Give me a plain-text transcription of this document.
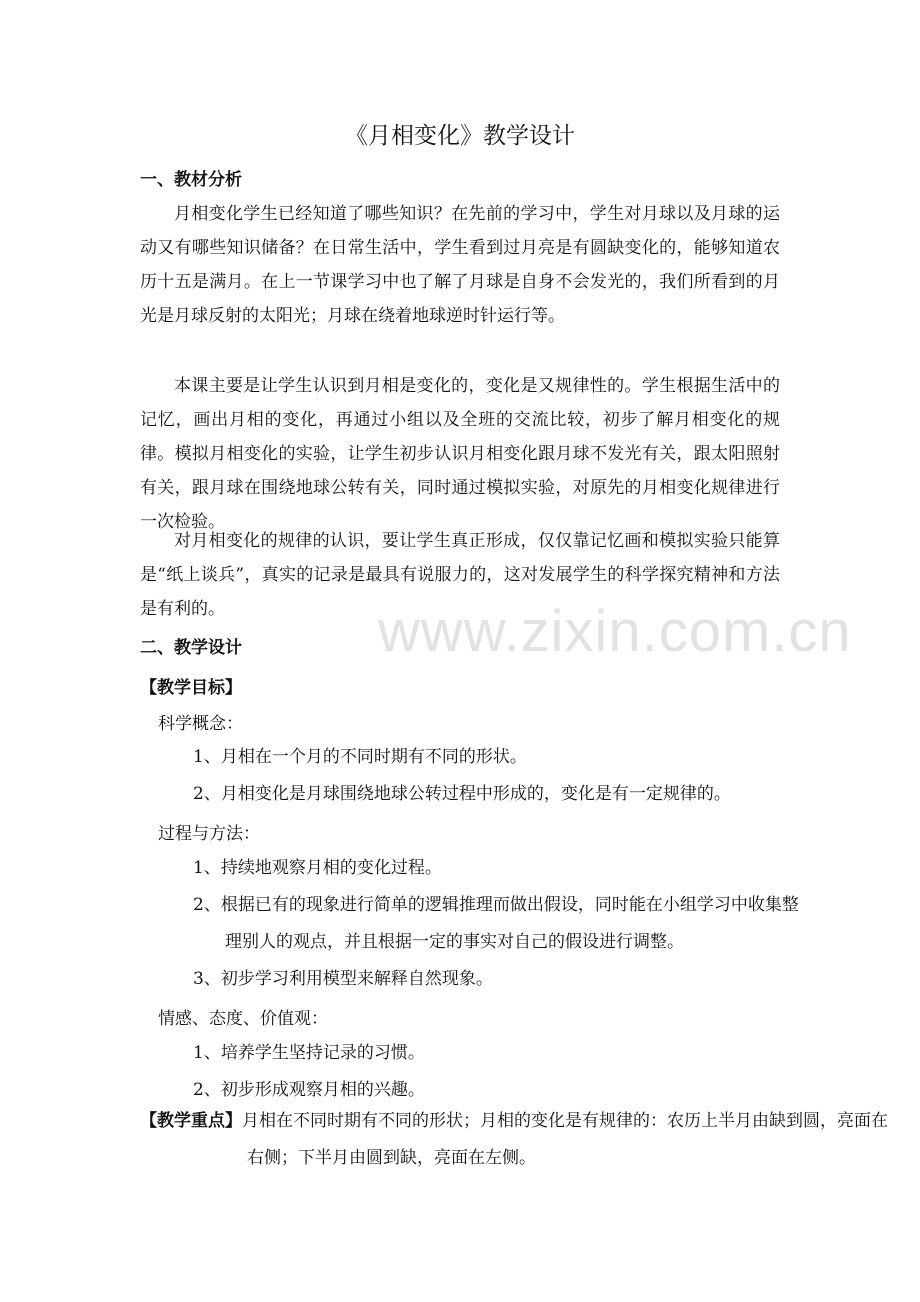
《月相变化》教学设计
一、教材分析

月相变化学生已经知道了哪些知识？在先前的学习中，学生对月球以及月球的运动又有哪些知识储备？在日常生活中，学生看到过月亮是有圆缺变化的，能够知道农历十五是满月。在上一节课学习中也了解了月球是自身不会发光的，我们所看到的月光是月球反射的太阳光；月球在绕着地球逆时针运行等。

本课主要是让学生认识到月相是变化的，变化是又规律性的。学生根据生活中的记忆，画出月相的变化，再通过小组以及全班的交流比较，初步了解月相变化的规律。模拟月相变化的实验，让学生初步认识月相变化跟月球不发光有关，跟太阳照射有关，跟月球在围绕地球公转有关，同时通过模拟实验，对原先的月相变化规律进行一次检验。

对月相变化的规律的认识，要让学生真正形成，仅仅靠记忆画和模拟实验只能算是“纸上谈兵”，真实的记录是最具有说服力的，这对发展学生的科学探究精神和方法是有利的。

二、教学设计
【教学目标】
科学概念：

1、月相在一个月的不同时期有不同的形状。

2、月相变化是月球围绕地球公转过程中形成的，变化是有一定规律的。

过程与方法：

1、持续地观察月相的变化过程。

2、根据已有的现象进行简单的逻辑推理而做出假设，同时能在小组学习中收集整理别人的观点，并且根据一定的事实对自己的假设进行调整。

3、初步学习利用模型来解释自然现象。

情感、态度、价值观：

1、培养学生坚持记录的习惯。

2、初步形成观察月相的兴趣。

【教学重点】月相在不同时期有不同的形状；月相的变化是有规律的：农历上半月由缺到圆，亮面在右侧；下半月由圆到缺，亮面在左侧。

www.zixin.com.cn
